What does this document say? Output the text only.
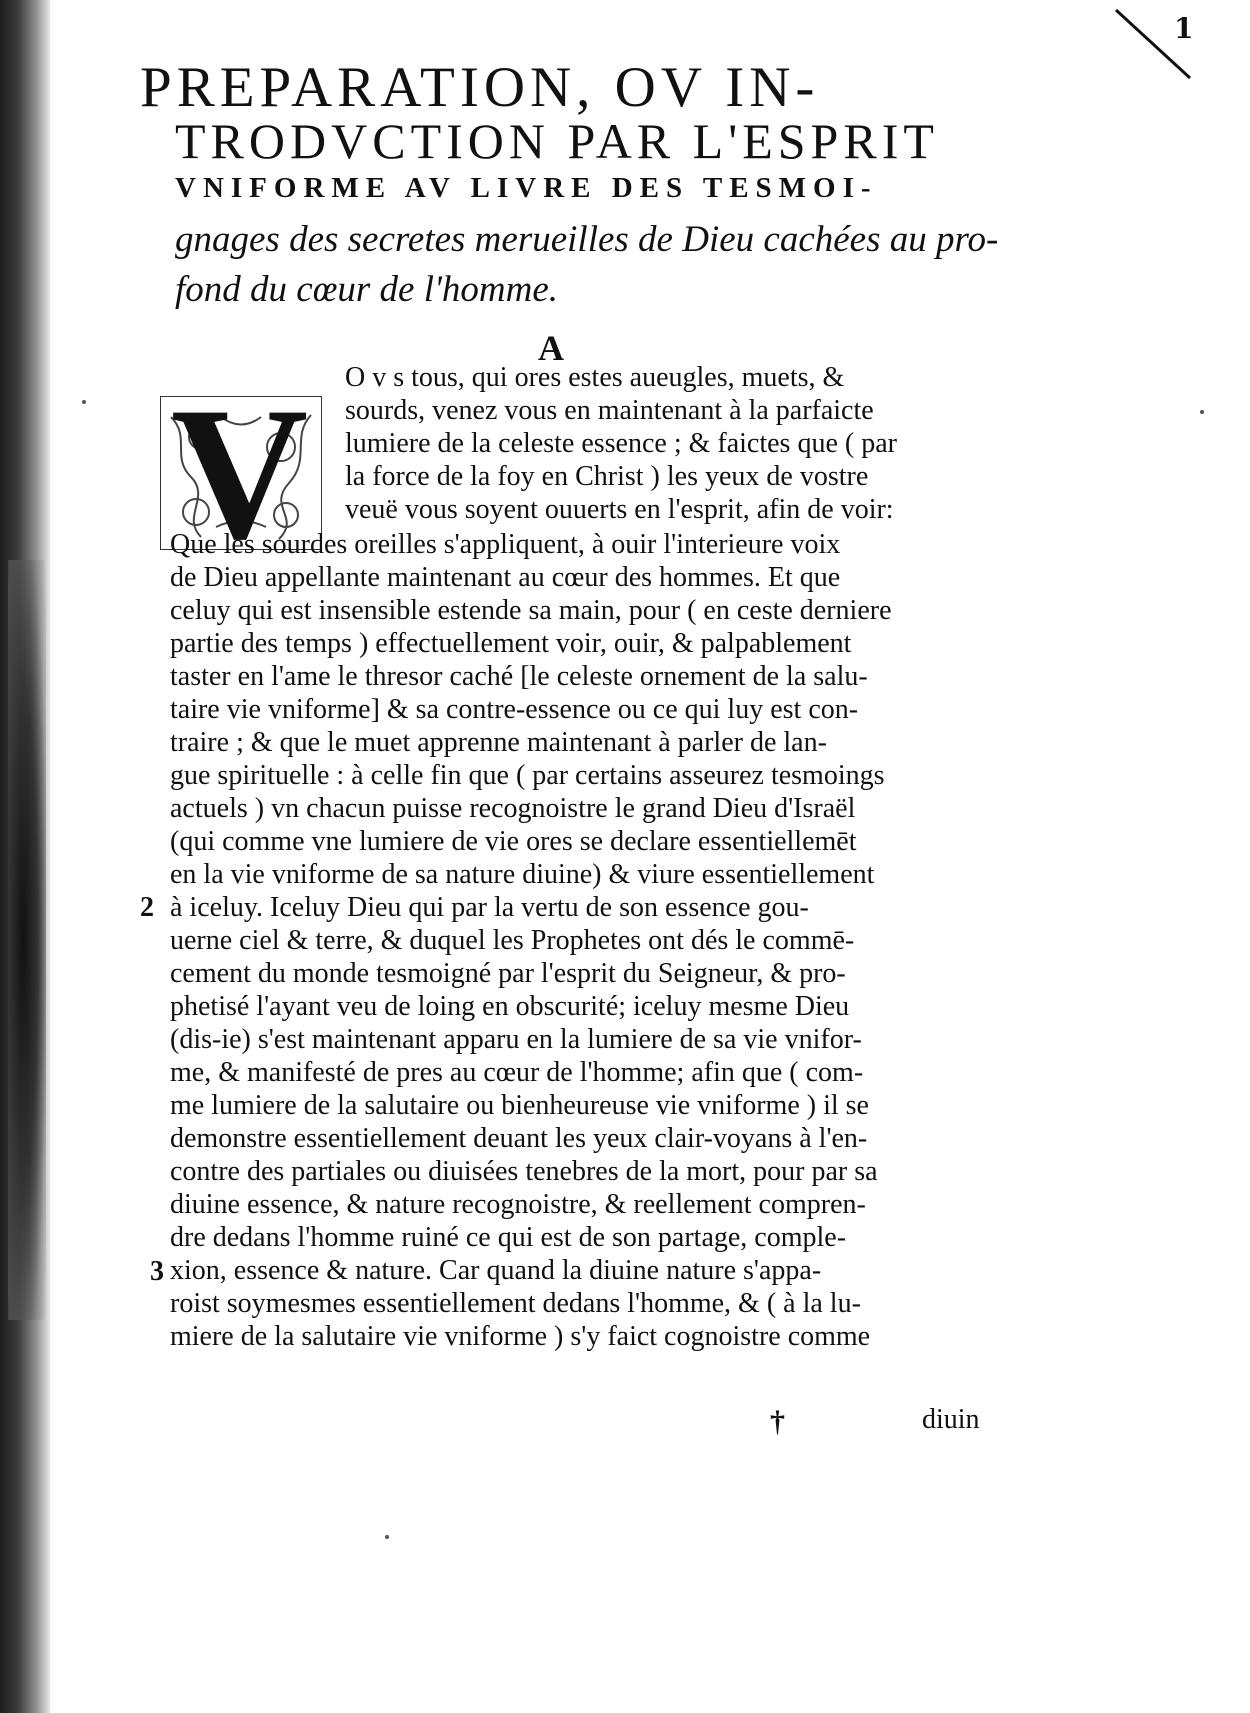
1
PREPARATION, OV IN-
TRODVCTION PAR L'ESPRIT
VNIFORME AV LIVRE DES TESMOI-
gnages des secretes merueilles de Dieu cachées au pro-
fond du cœur de l'homme.
A
V O v s tous, qui ores estes aueugles, muets, &
sourds, venez vous en maintenant à la parfaicte
lumiere de la celeste essence ; & faictes que ( par
la force de la foy en Christ ) les yeux de vostre
veuë vous soyent ouuerts en l'esprit, afin de voir:
Que les sourdes oreilles s'appliquent, à ouir l'interieure voix
de Dieu appellante maintenant au cœur des hommes. Et que
celuy qui est insensible estende sa main, pour ( en ceste derniere
partie des temps ) effectuellement voir, ouir, & palpablement
taster en l'ame le thresor caché [le celeste ornement de la salu-
taire vie vniforme] & sa contre-essence ou ce qui luy est con-
traire ; & que le muet apprenne maintenant à parler de lan-
gue spirituelle : à celle fin que ( par certains asseurez tesmoings
actuels ) vn chacun puisse recognoistre le grand Dieu d'Israël
(qui comme vne lumiere de vie ores se declare essentiellemēt
en la vie vniforme de sa nature diuine) & viure essentiellement
à iceluy. Iceluy Dieu qui par la vertu de son essence gou-
uerne ciel & terre, & duquel les Prophetes ont dés le commē-
cement du monde tesmoigné par l'esprit du Seigneur, & pro-
phetisé l'ayant veu de loing en obscurité; iceluy mesme Dieu
(dis-ie) s'est maintenant apparu en la lumiere de sa vie vnifor-
me, & manifesté de pres au cœur de l'homme; afin que ( com-
me lumiere de la salutaire ou bienheureuse vie vniforme ) il se
demonstre essentiellement deuant les yeux clair-voyans à l'en-
contre des partiales ou diuisées tenebres de la mort, pour par sa
diuine essence, & nature recognoistre, & reellement compren-
dre dedans l'homme ruiné ce qui est de son partage, comple-
xion, essence & nature. Car quand la diuine nature s'appa-
roist soymesmes essentiellement dedans l'homme, & ( à la lu-
miere de la salutaire vie vniforme ) s'y faict cognoistre comme
2
3
†	diuin
